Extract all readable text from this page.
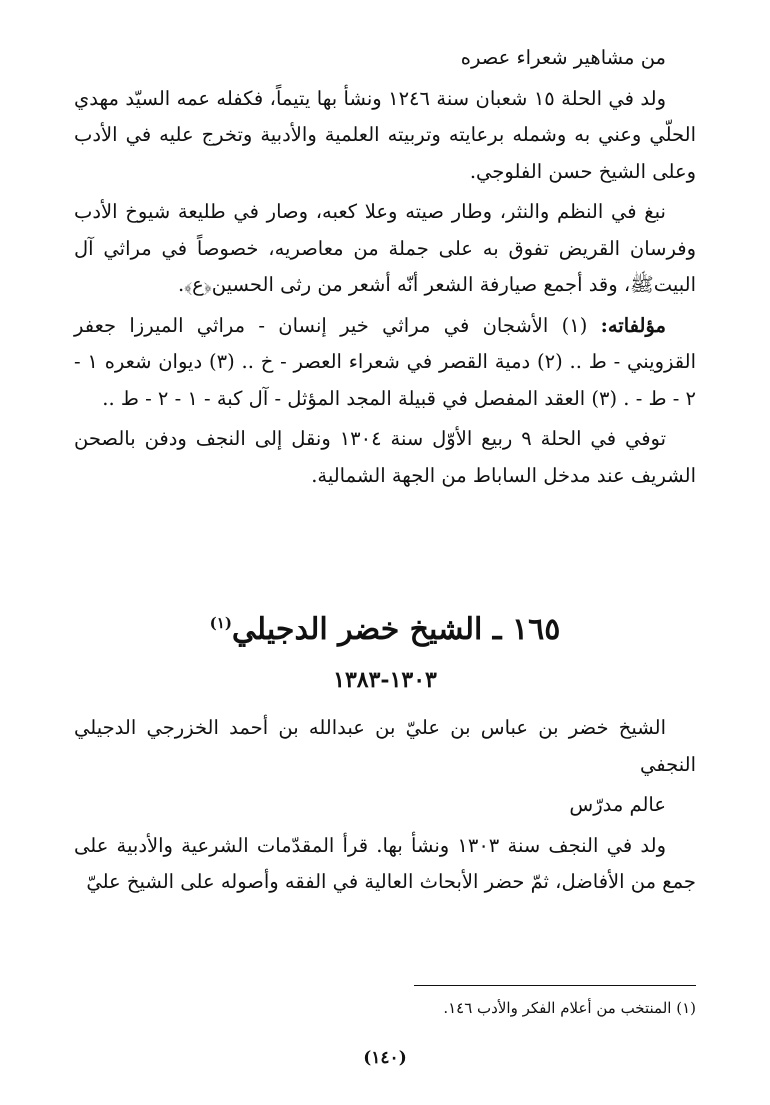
من مشاهير شعراء عصره

ولد في الحلة ١٥ شعبان سنة ١٢٤٦ ونشأ بها يتيماً، فكفله عمه السيّد مهدي الحلّي وعني به وشمله برعايته وتربيته العلمية والأدبية وتخرج عليه في الأدب وعلى الشيخ حسن الفلوجي.

نبغ في النظم والنثر، وطار صيته وعلا كعبه، وصار في طليعة شيوخ الأدب وفرسان القريض تفوق به على جملة من معاصريه، خصوصاً في مراثي آل البيتﷺ، وقد أجمع صيارفة الشعر أنّه أشعر من رثى الحسين﴿ع﴾.

مؤلفاته: (١) الأشجان في مراثي خير إنسان - مراثي الميرزا جعفر القزويني - ط .. (٢) دمية القصر في شعراء العصر - خ .. (٣) ديوان شعره ١ - ٢ - ط - . (٣) العقد المفصل في قبيلة المجد المؤثل - آل كبة - ١ - ٢ - ط ..

توفي في الحلة ٩ ربيع الأوّل سنة ١٣٠٤ ونقل إلى النجف ودفن بالصحن الشريف عند مدخل الساباط من الجهة الشمالية.

١٦٥ ـ الشيخ خضر الدجيلي$^{(١)}$
١٣٠٣-١٣٨٣

الشيخ خضر بن عباس بن عليّ بن عبدالله بن أحمد الخزرجي الدجيلي النجفي

عالم مدرّس

ولد في النجف سنة ١٣٠٣ ونشأ بها. قرأ المقدّمات الشرعية والأدبية على جمع من الأفاضل، ثمّ حضر الأبحاث العالية في الفقه وأصوله على الشيخ عليّ

(١) المنتخب من أعلام الفكر والأدب ١٤٦.
(١٤٠)
